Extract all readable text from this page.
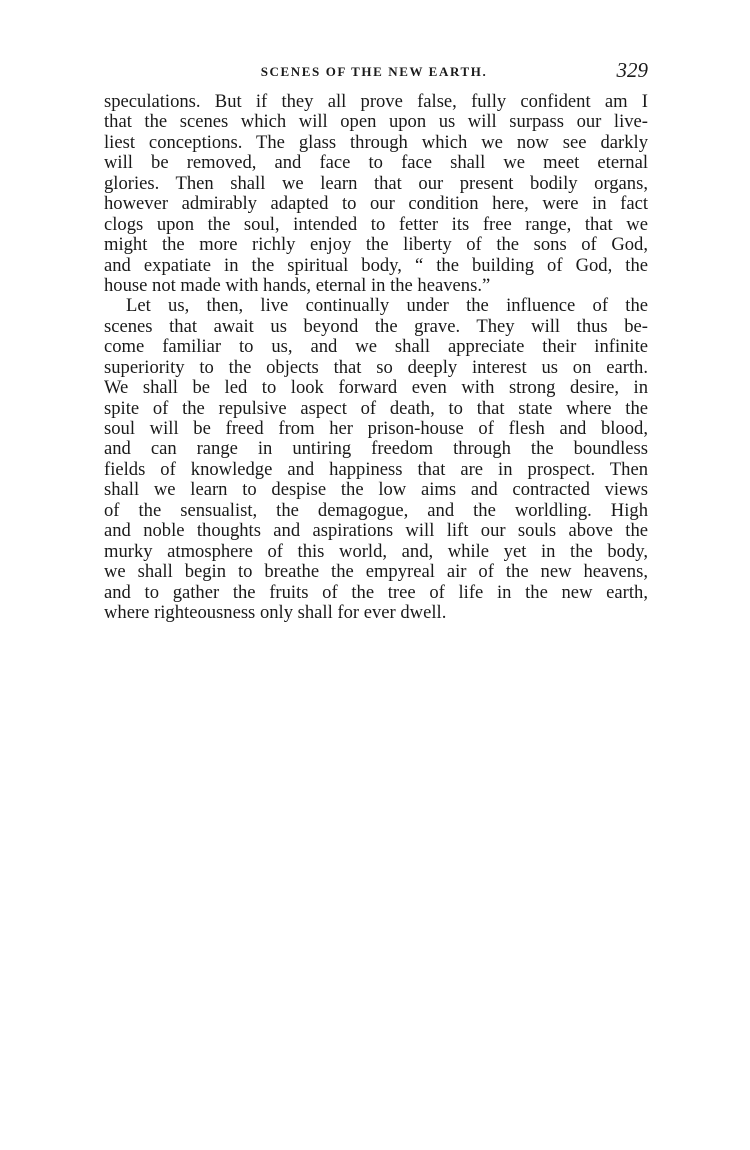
SCENES OF THE NEW EARTH.	329
speculations. But if they all prove false, fully confident am I
that the scenes which will open upon us will surpass our live-
liest conceptions. The glass through which we now see darkly
will be removed, and face to face shall we meet eternal
glories. Then shall we learn that our present bodily organs,
however admirably adapted to our condition here, were in fact
clogs upon the soul, intended to fetter its free range, that we
might the more richly enjoy the liberty of the sons of God,
and expatiate in the spiritual body, “ the building of God, the
house not made with hands, eternal in the heavens.”
Let us, then, live continually under the influence of the
scenes that await us beyond the grave. They will thus be-
come familiar to us, and we shall appreciate their infinite
superiority to the objects that so deeply interest us on earth.
We shall be led to look forward even with strong desire, in
spite of the repulsive aspect of death, to that state where the
soul will be freed from her prison-house of flesh and blood,
and can range in untiring freedom through the boundless
fields of knowledge and happiness that are in prospect. Then
shall we learn to despise the low aims and contracted views
of the sensualist, the demagogue, and the worldling. High
and noble thoughts and aspirations will lift our souls above the
murky atmosphere of this world, and, while yet in the body,
we shall begin to breathe the empyreal air of the new heavens,
and to gather the fruits of the tree of life in the new earth,
where righteousness only shall for ever dwell.
